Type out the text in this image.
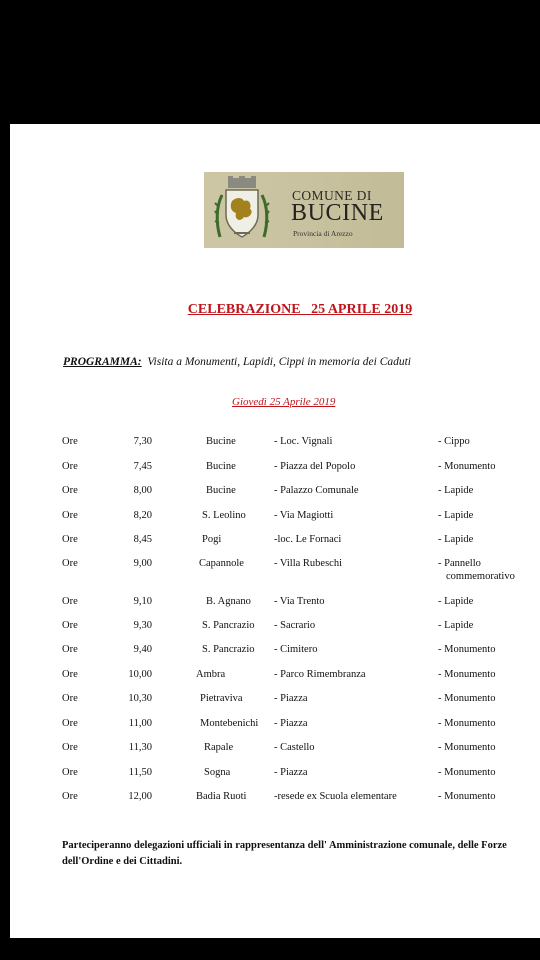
COMUNE DI
BUCINE
Provincia di Arezzo
CELEBRAZIONE   25 APRILE 2019
PROGRAMMA:  Visita a Monumenti, Lapidi, Cippi in memoria dei Caduti
Giovedì 25 Aprile 2019
Ore	7,30	Bucine	- Loc. Vignali	- Cippo
Ore	7,45	Bucine	- Piazza del Popolo	- Monumento
Ore	8,00	Bucine	- Palazzo Comunale	- Lapide
Ore	8,20	S. Leolino	- Via Magiotti	- Lapide
Ore	8,45	Pogi	-loc. Le Fornaci	- Lapide
Ore	9,00	Capannole	- Villa Rubeschi	- Pannello
commemorativo
Ore	9,10	B. Agnano - Via Trento	- Lapide
Ore	9,30	S. Pancrazio - Sacrario	- Lapide
Ore	9,40	S. Pancrazio - Cimitero	- Monumento
Ore	10,00	Ambra	- Parco Rimembranza	- Monumento
Ore	10,30	Pietraviva	- Piazza	- Monumento
Ore	11,00	Montebenichi - Piazza	- Monumento
Ore	11,30	Rapale	- Castello	- Monumento
Ore	11,50	Sogna	- Piazza	- Monumento
Ore	12,00	Badia Ruoti	-resede ex Scuola elementare	- Monumento
Parteciperanno delegazioni ufficiali in rappresentanza dell' Amministrazione comunale, delle Forze dell'Ordine e dei Cittadini.
